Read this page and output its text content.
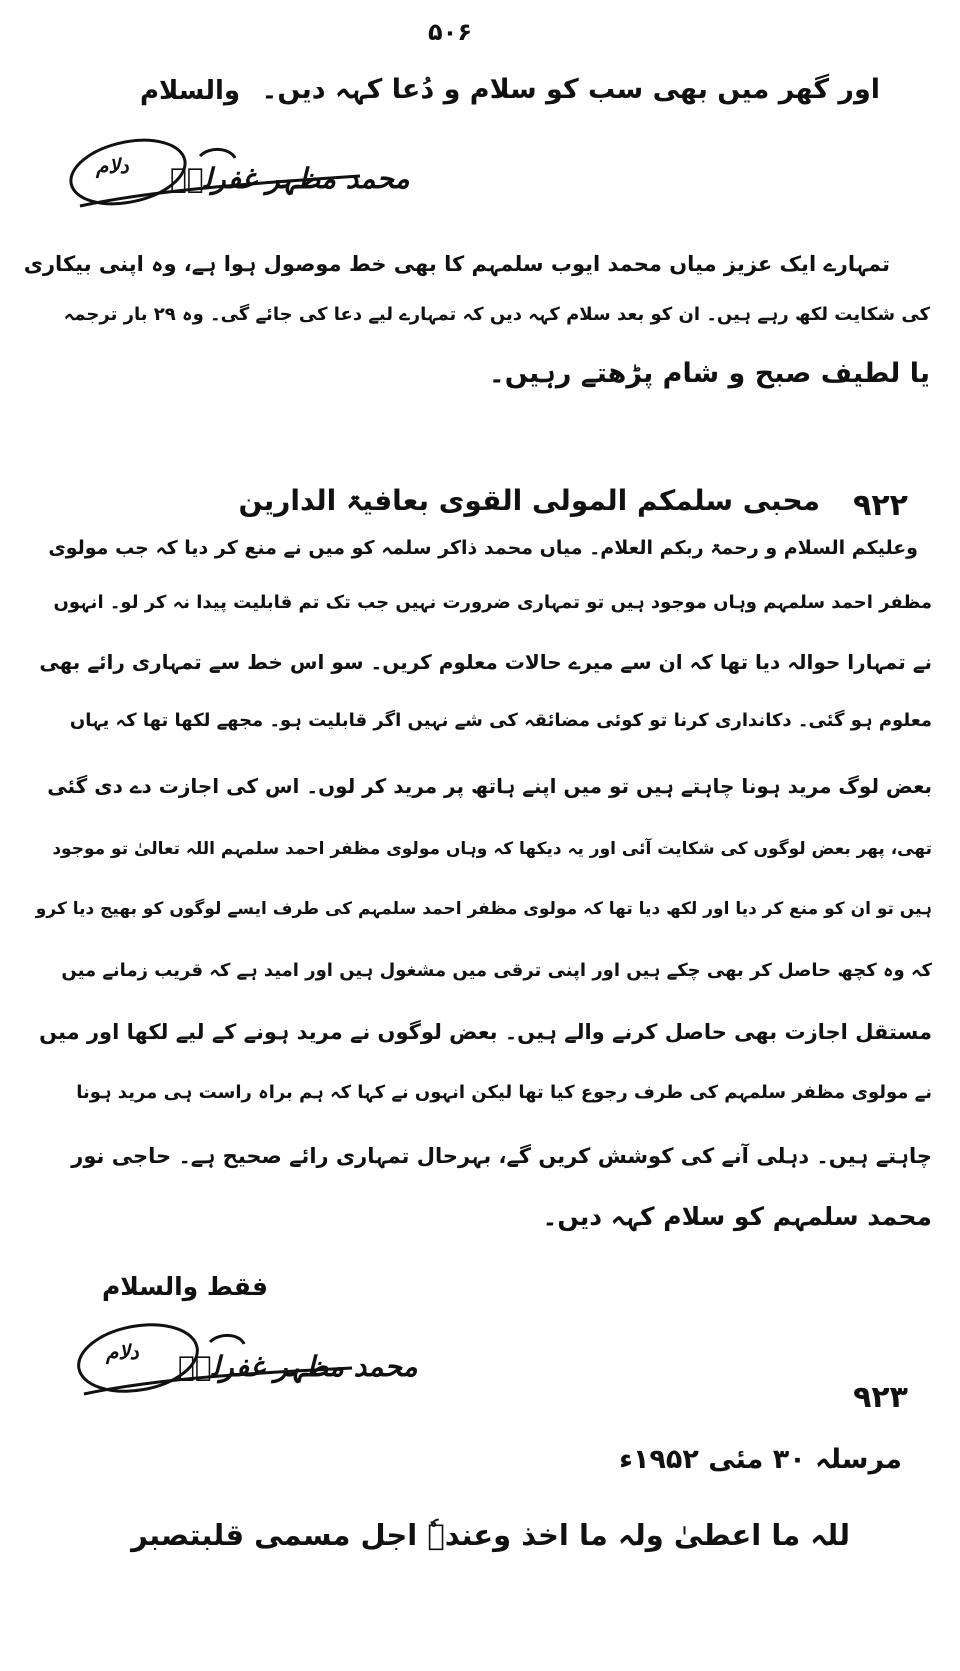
۵۰۶
اور گھر میں بھی سب کو سلام و دُعا کہہ دیں۔
والسلام
دلام محمد مظہر غفرلہٗ
تمہارے ایک عزیز میاں محمد ایوب سلمہم کا بھی خط موصول ہوا ہے، وہ اپنی بیکاری
کی شکایت لکھ رہے ہیں۔ ان کو بعد سلام کہہ دیں کہ تمہارے لیے دعا کی جائے گی۔ وہ ۲۹ بار ترجمہ
یا لطیف صبح و شام پڑھتے رہیں۔
۹۲۲
محبی سلمکم المولی القوی بعافیۃ الدارین
وعلیکم السلام و رحمۃ ربکم العلام۔ میاں محمد ذاکر سلمہ کو میں نے منع کر دیا کہ جب مولوی
مظفر احمد سلمہم وہاں موجود ہیں تو تمہاری ضرورت نہیں جب تک تم قابلیت پیدا نہ کر لو۔ انہوں
نے تمہارا حوالہ دیا تھا کہ ان سے میرے حالات معلوم کریں۔ سو اس خط سے تمہاری رائے بھی
معلوم ہو گئی۔ دکانداری کرنا تو کوئی مضائقہ کی شے نہیں اگر قابلیت ہو۔ مجھے لکھا تھا کہ یہاں
بعض لوگ مرید ہونا چاہتے ہیں تو میں اپنے ہاتھ پر مرید کر لوں۔ اس کی اجازت دے دی گئی
تھی، پھر بعض لوگوں کی شکایت آئی اور یہ دیکھا کہ وہاں مولوی مظفر احمد سلمہم اللہ تعالیٰ تو موجود
ہیں تو ان کو منع کر دیا اور لکھ دیا تھا کہ مولوی مظفر احمد سلمہم کی طرف ایسے لوگوں کو بھیج دیا کرو
کہ وہ کچھ حاصل کر بھی چکے ہیں اور اپنی ترقی میں مشغول ہیں اور امید ہے کہ قریب زمانے میں
مستقل اجازت بھی حاصل کرنے والے ہیں۔ بعض لوگوں نے مرید ہونے کے لیے لکھا اور میں
نے مولوی مظفر سلمہم کی طرف رجوع کیا تھا لیکن انہوں نے کہا کہ ہم براہ راست ہی مرید ہونا
چاہتے ہیں۔ دہلی آنے کی کوشش کریں گے، بہرحال تمہاری رائے صحیح ہے۔ حاجی نور
محمد سلمہم کو سلام کہہ دیں۔
فقط والسلام
دلام محمد مظہر غفرلہٗ
۹۲۳
مرسلہ ۳۰ مئی ۱۹۵۲ء
للہ ما اعطیٰ ولہ ما اخذ وعندہٗ اجل مسمی قلبتصبر
